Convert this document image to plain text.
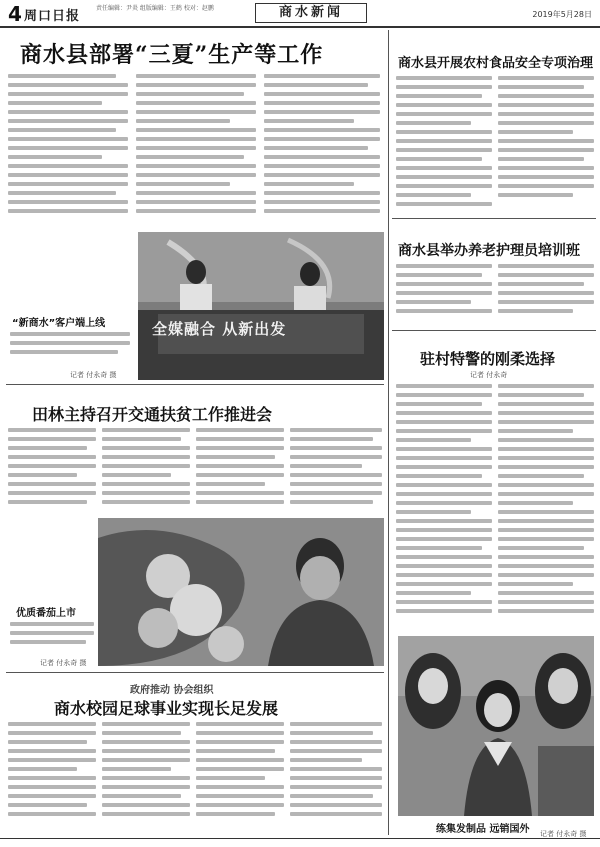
4 周口日报
责任编辑：尹炎 组版编辑：王鹤 校对：赵鹏	商水新闻	2019年5月28日
商水县部署“三夏”生产等工作	商水县开展农村食品安全专项治理
商水县举办养老护理员培训班
驻村特警的刚柔选择
记者 付永奇
练集发制品 远销国外 记者 付永奇 摄
全媒融合 从新出发
“新商水”客户端上线
记者 付永奇 摄
田林主持召开交通扶贫工作推进会
优质番茄上市
记者 付永奇 摄
政府推动 协会组织
商水校园足球事业实现长足发展
